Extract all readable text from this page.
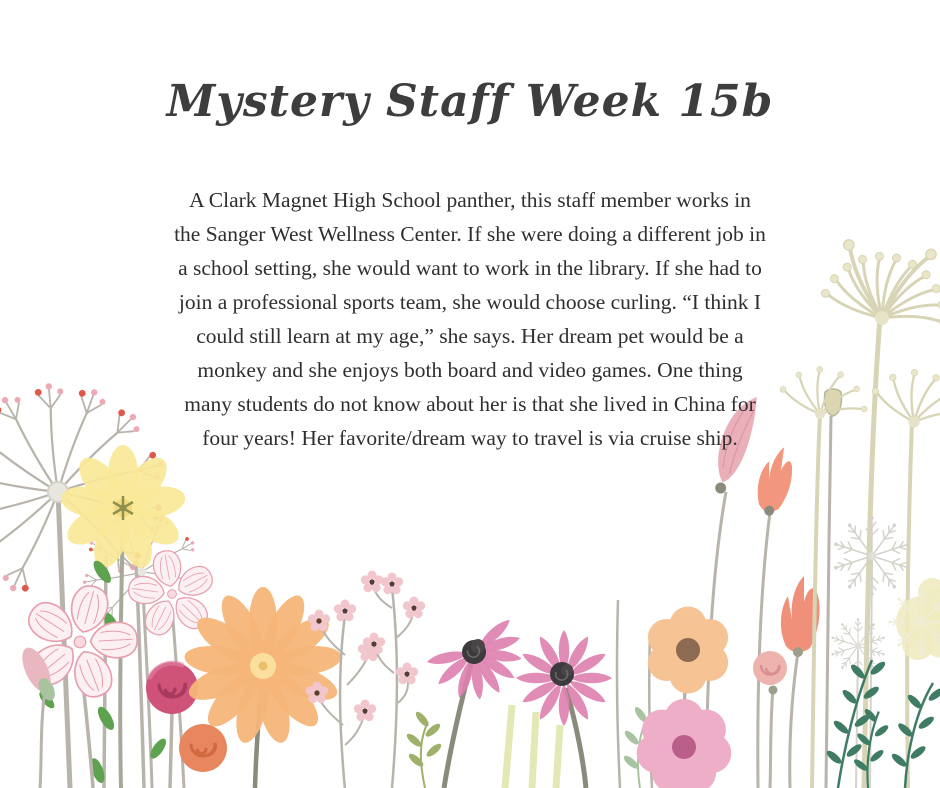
Mystery Staff Week 15b

A Clark Magnet High School panther, this staff member works in the Sanger West Wellness Center. If she were doing a different job in a school setting, she would want to work in the library. If she had to join a professional sports team, she would choose curling. “I think I could still learn at my age,” she says. Her dream pet would be a monkey and she enjoys both board and video games. One thing many students do not know about her is that she lived in China for four years! Her favorite/dream way to travel is via cruise ship.
